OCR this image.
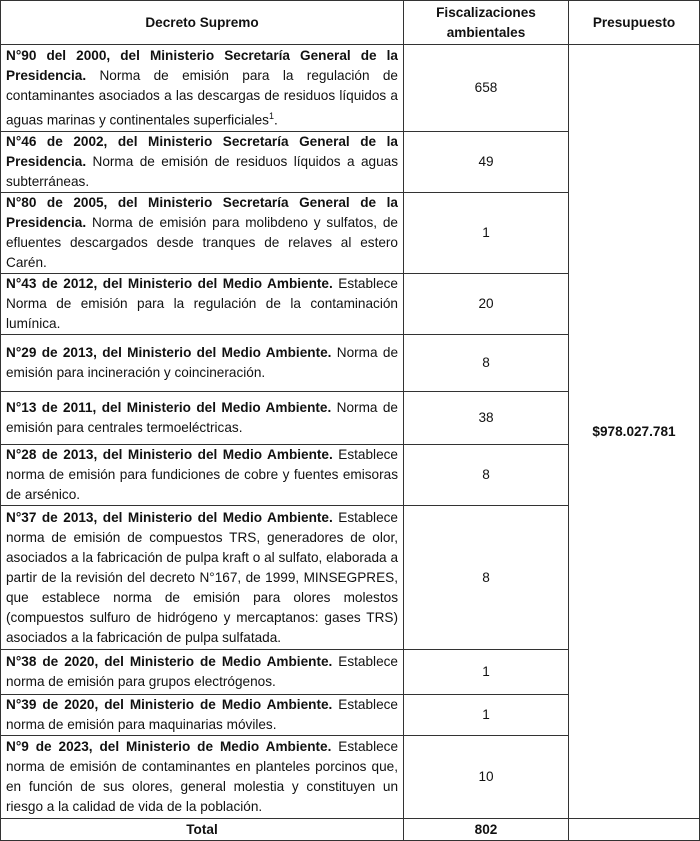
Decreto Supremo	Fiscalizaciones ambientales	Presupuesto
N°90 del 2000, del Ministerio Secretaría General de la Presidencia. Norma de emisión para la regulación de contaminantes asociados a las descargas de residuos líquidos a aguas marinas y continentales superficiales$^1$.	658	$978.027.781
N°46 de 2002, del Ministerio Secretaría General de la Presidencia. Norma de emisión de residuos líquidos a aguas subterráneas.	49	
N°80 de 2005, del Ministerio Secretaría General de la Presidencia. Norma de emisión para molibdeno y sulfatos, de efluentes descargados desde tranques de relaves al estero Carén.	1	
N°43 de 2012, del Ministerio del Medio Ambiente. Establece Norma de emisión para la regulación de la contaminación lumínica.	20	
N°29 de 2013, del Ministerio del Medio Ambiente. Norma de emisión para incineración y coincineración.	8	
N°13 de 2011, del Ministerio del Medio Ambiente. Norma de emisión para centrales termoeléctricas.	38	
N°28 de 2013, del Ministerio del Medio Ambiente. Establece norma de emisión para fundiciones de cobre y fuentes emisoras de arsénico.	8	
N°37 de 2013, del Ministerio del Medio Ambiente. Establece norma de emisión de compuestos TRS, generadores de olor, asociados a la fabricación de pulpa kraft o al sulfato, elaborada a partir de la revisión del decreto N°167, de 1999, MINSEGPRES, que establece norma de emisión para olores molestos (compuestos sulfuro de hidrógeno y mercaptanos: gases TRS) asociados a la fabricación de pulpa sulfatada.	8	
N°38 de 2020, del Ministerio de Medio Ambiente. Establece norma de emisión para grupos electrógenos.	1	
N°39 de 2020, del Ministerio de Medio Ambiente. Establece norma de emisión para maquinarias móviles.	1	
N°9 de 2023, del Ministerio de Medio Ambiente. Establece norma de emisión de contaminantes en planteles porcinos que, en función de sus olores, general molestia y constituyen un riesgo a la calidad de vida de la población.	10	
Total	802	
